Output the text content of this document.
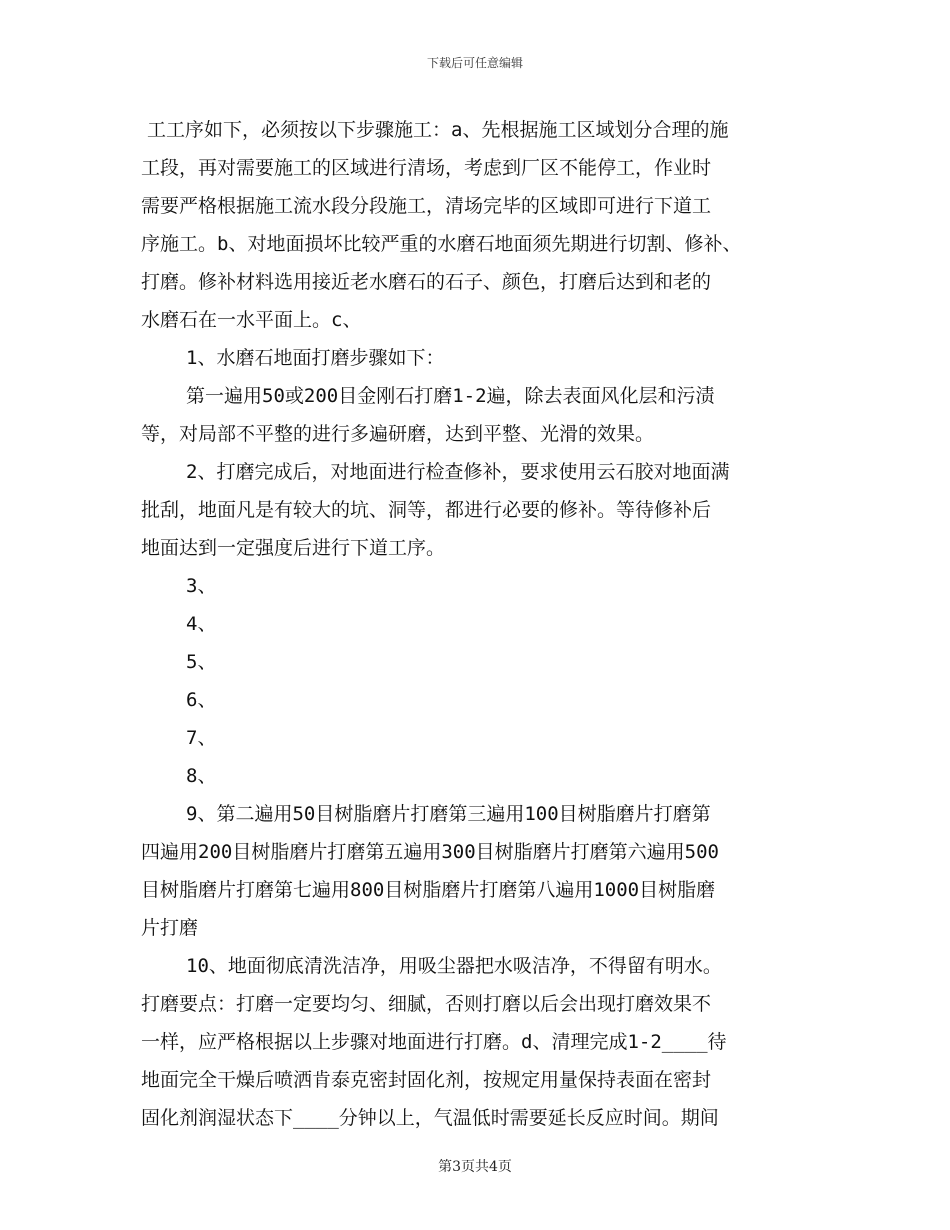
下载后可任意编辑
工工序如下，必须按以下步骤施工：a、先根据施工区域划分合理的施
工段，再对需要施工的区域进行清场，考虑到厂区不能停工，作业时
需要严格根据施工流水段分段施工，清场完毕的区域即可进行下道工
序施工。b、对地面损坏比较严重的水磨石地面须先期进行切割、修补、
打磨。修补材料选用接近老水磨石的石子、颜色，打磨后达到和老的
水磨石在一水平面上。c、
1、水磨石地面打磨步骤如下：
第一遍用50或200目金刚石打磨1-2遍，除去表面风化层和污渍
等，对局部不平整的进行多遍研磨，达到平整、光滑的效果。
2、打磨完成后，对地面进行检查修补，要求使用云石胶对地面满
批刮，地面凡是有较大的坑、洞等，都进行必要的修补。等待修补后
地面达到一定强度后进行下道工序。
3、
4、
5、
6、
7、
8、
9、第二遍用50目树脂磨片打磨第三遍用100目树脂磨片打磨第
四遍用200目树脂磨片打磨第五遍用300目树脂磨片打磨第六遍用500
目树脂磨片打磨第七遍用800目树脂磨片打磨第八遍用1000目树脂磨
片打磨
10、地面彻底清洗洁净，用吸尘器把水吸洁净，不得留有明水。
打磨要点：打磨一定要均匀、细腻，否则打磨以后会出现打磨效果不
一样，应严格根据以上步骤对地面进行打磨。d、清理完成1-2____待
地面完全干燥后喷洒肯泰克密封固化剂，按规定用量保持表面在密封
固化剂润湿状态下____分钟以上，气温低时需要延长反应时间。期间
第3页共4页
